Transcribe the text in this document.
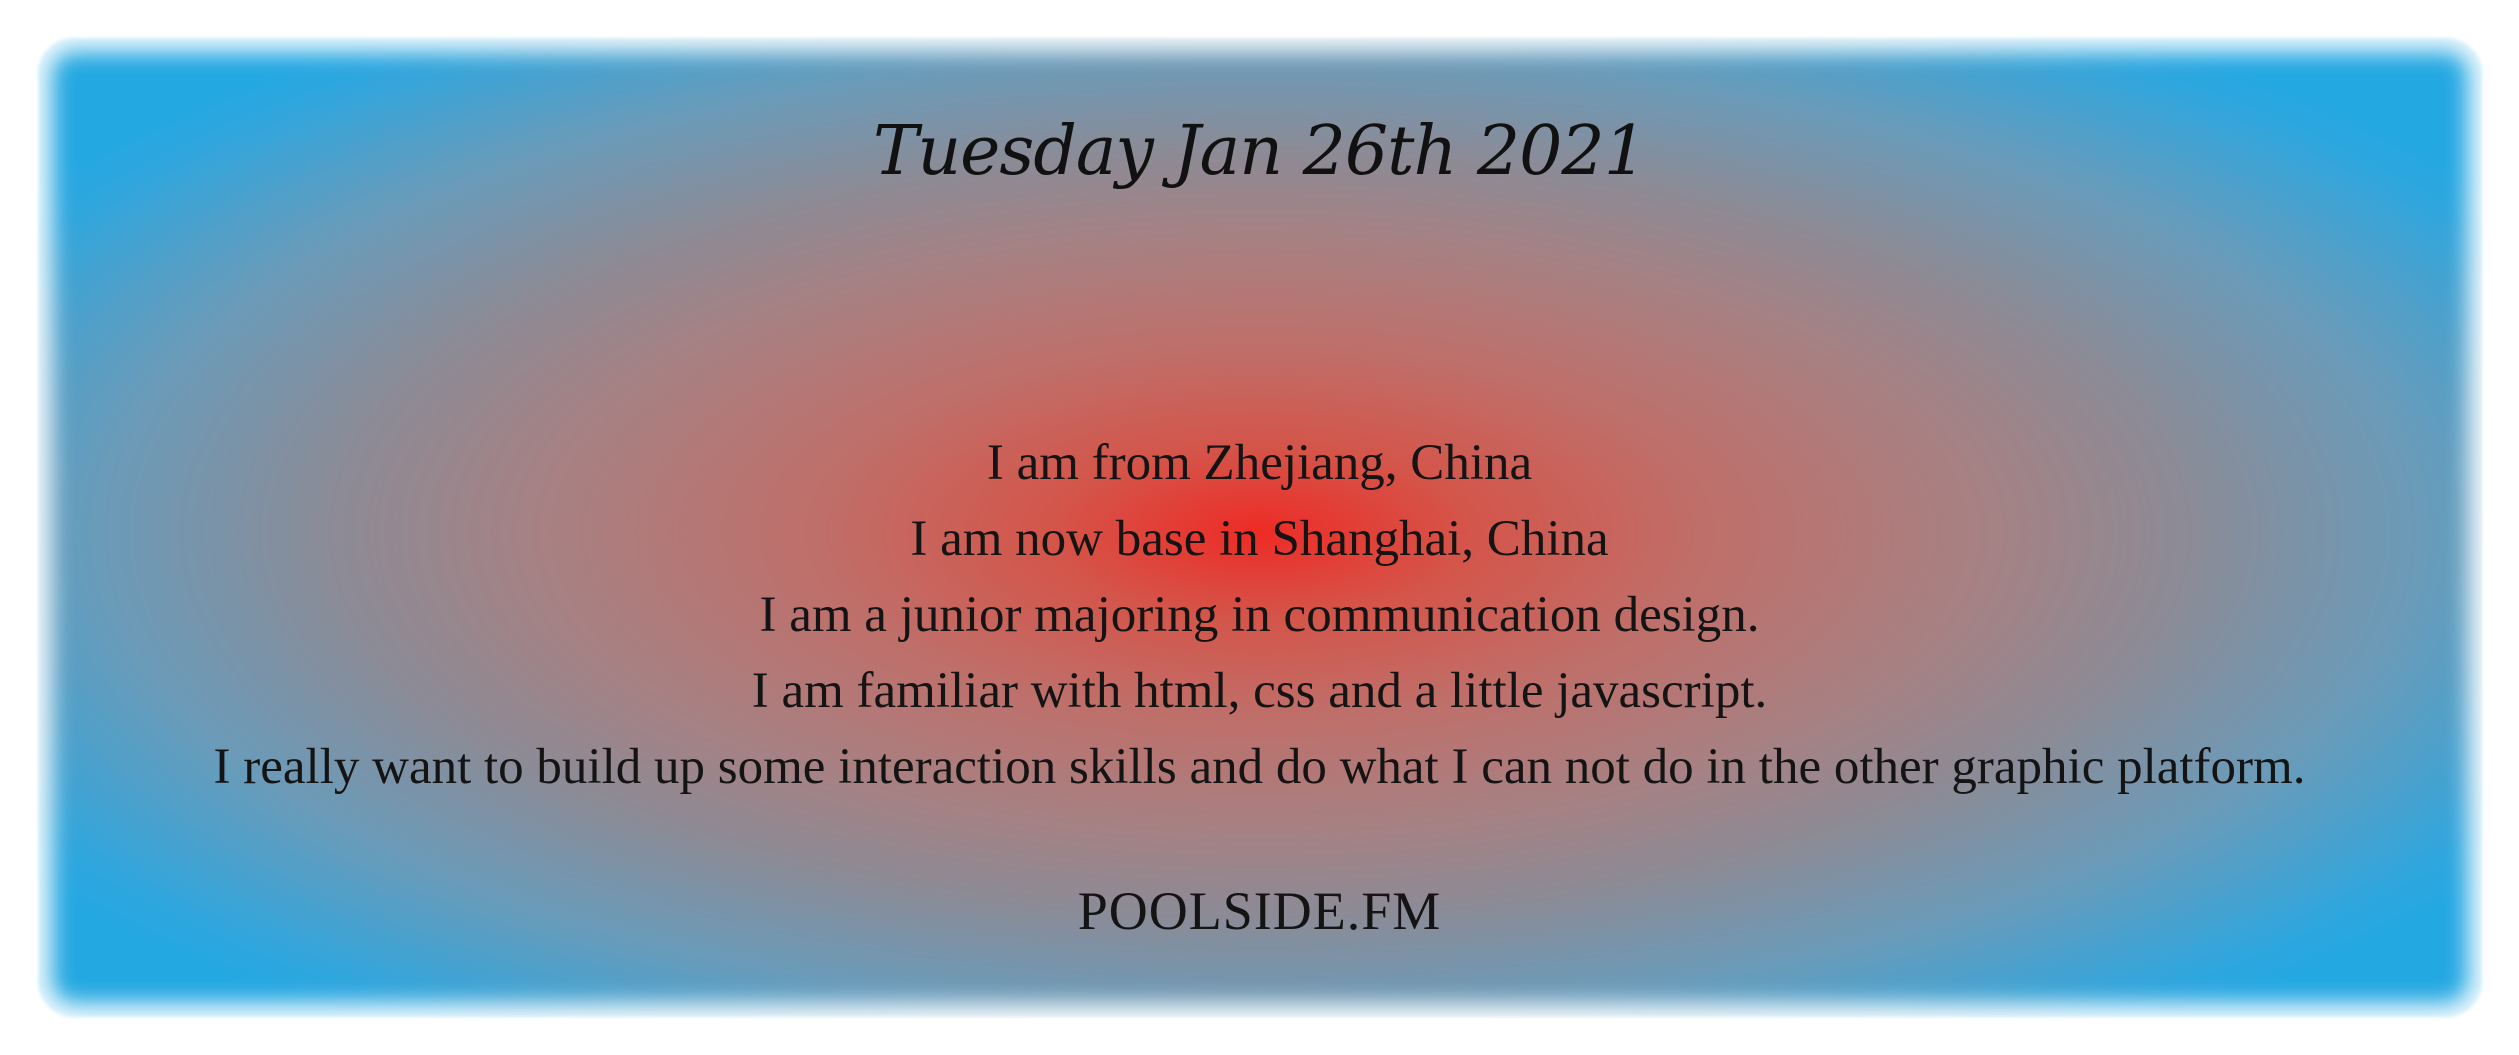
Tuesday Jan 26th 2021
I am from Zhejiang, China
I am now base in Shanghai, China
I am a junior majoring in communication design.
I am familiar with html, css and a little javascript.
I really want to build up some interaction skills and do what I can not do in the other graphic platform.
POOLSIDE.FM
